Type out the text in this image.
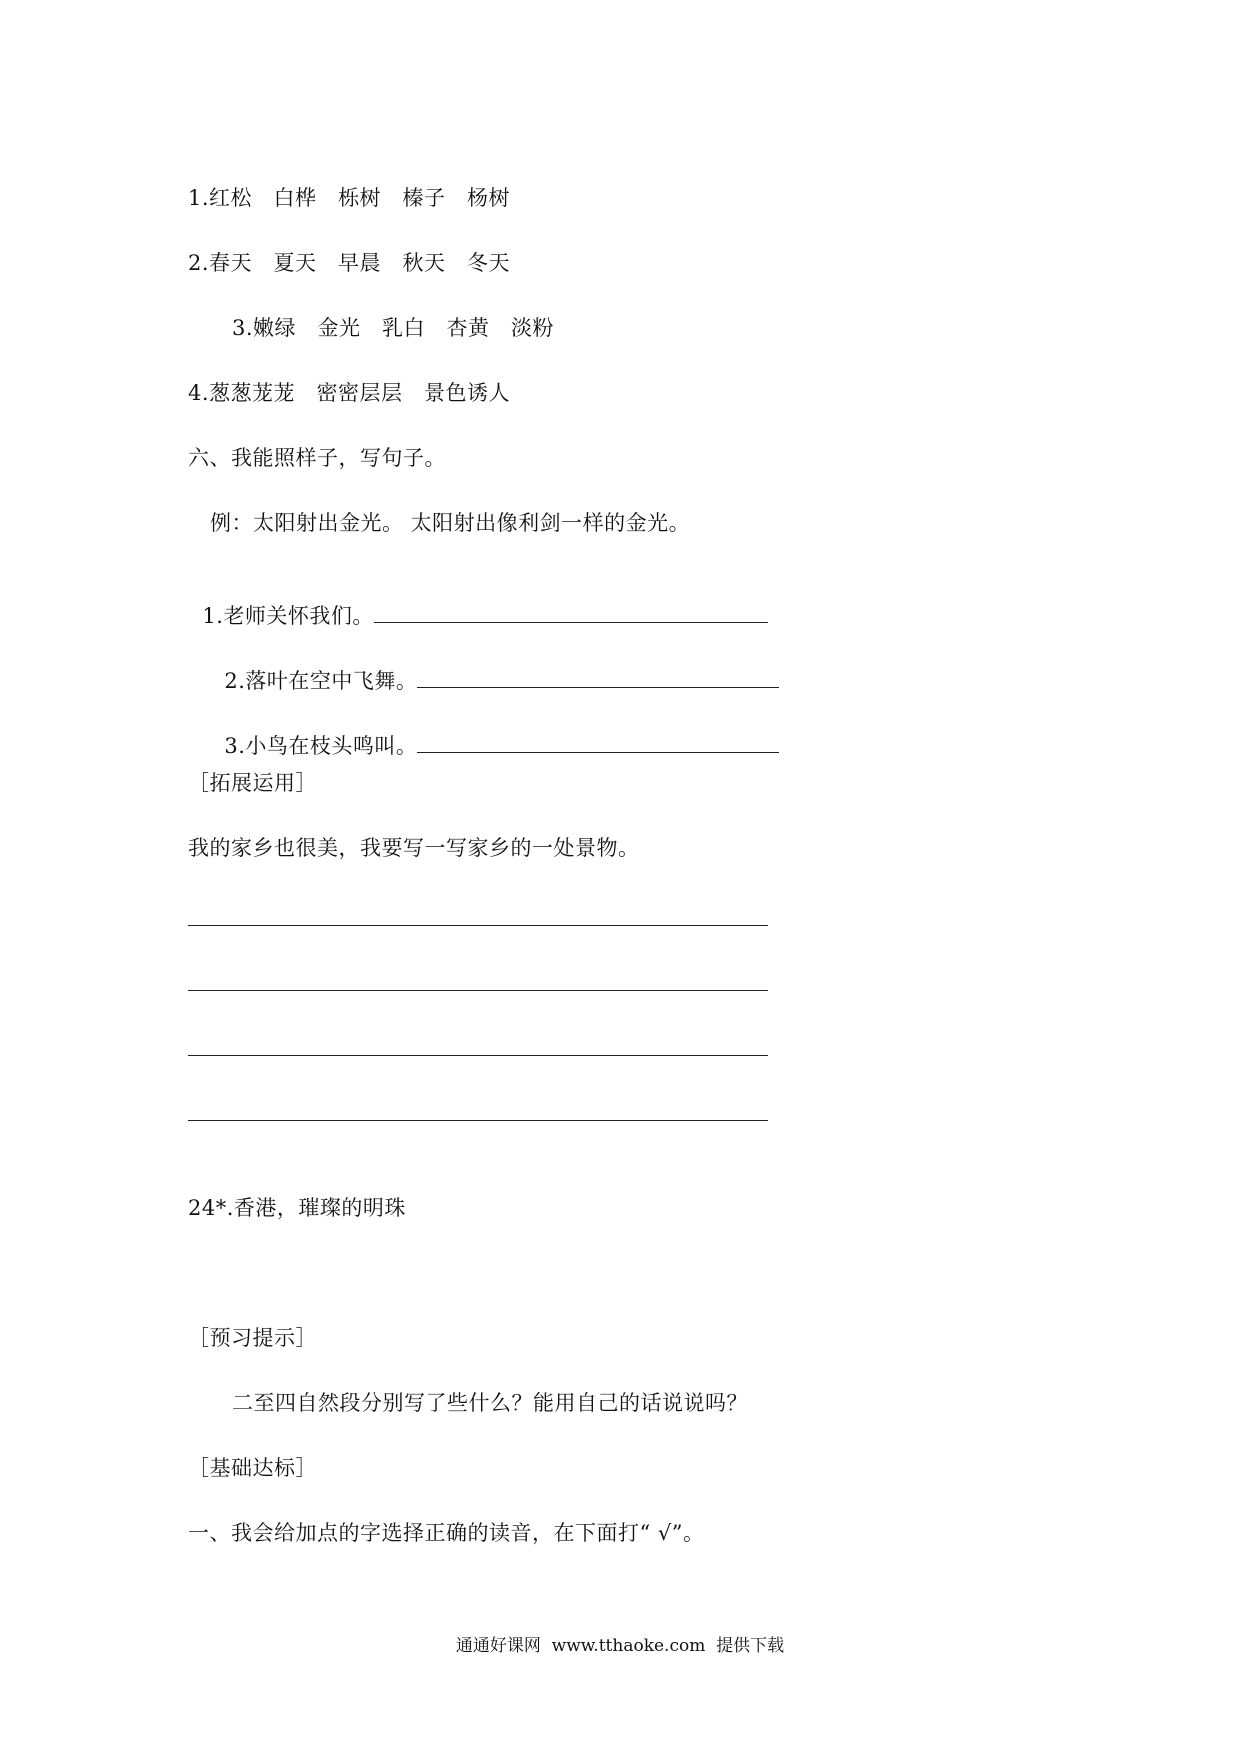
1.红松　白桦　栎树　榛子　杨树
2.春天　夏天　早晨　秋天　冬天
3.嫩绿　金光　乳白　杏黄　淡粉
4.葱葱茏茏　密密层层　景色诱人
六、我能照样子，写句子。
例：太阳射出金光。 太阳射出像利剑一样的金光。

1.老师关怀我们。

2.落叶在空中飞舞。

3.小鸟在枝头鸣叫。

［拓展运用］
我的家乡也很美，我要写一写家乡的一处景物。
24*.香港，璀璨的明珠
［预习提示］
二至四自然段分别写了些什么？能用自己的话说说吗？
［基础达标］
一、我会给加点的字选择正确的读音，在下面打“ √”。
通通好课网  www.tthaoke.com  提供下载
